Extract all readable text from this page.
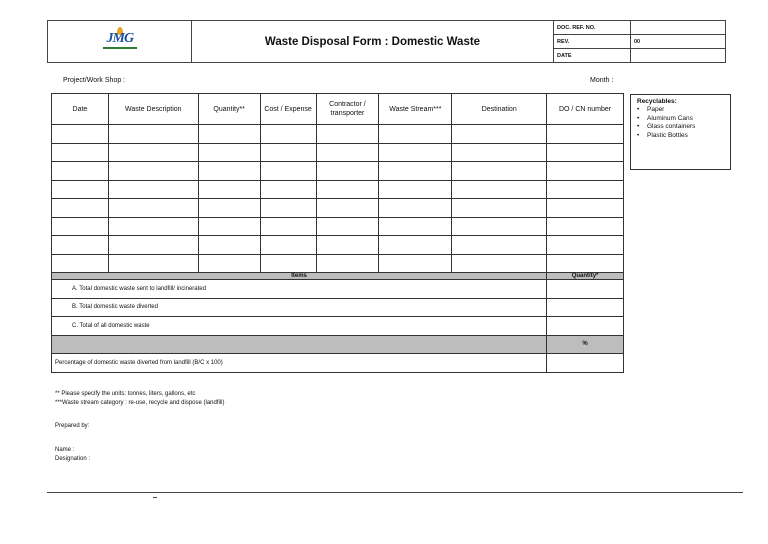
JMG	Waste Disposal Form : Domestic Waste	DOC. REF. NO.	
		REV.	00
		DATE	
Project/Work Shop :	Month :
Date	Waste Description	Quantity**	Cost / Expense	Contractor / transporter	Waste Stream***	Destination	DO / CN number

Items							Quantity*
A. Total domestic waste sent to landfill/ incinerated							
B. Total domestic waste diverted							
C. Total of all domestic waste							
							%
Percentage of domestic waste diverted from landfill (B/C x 100)							
Recyclables:
• Paper
• Aluminum Cans
• Glass containers
• Plastic Bottles
** Please specify the units: tonnes, liters, gallons, etc
***Waste stream category : re-use, recycle and dispose (landfill)
Prepared by:
Name :
Designation :
